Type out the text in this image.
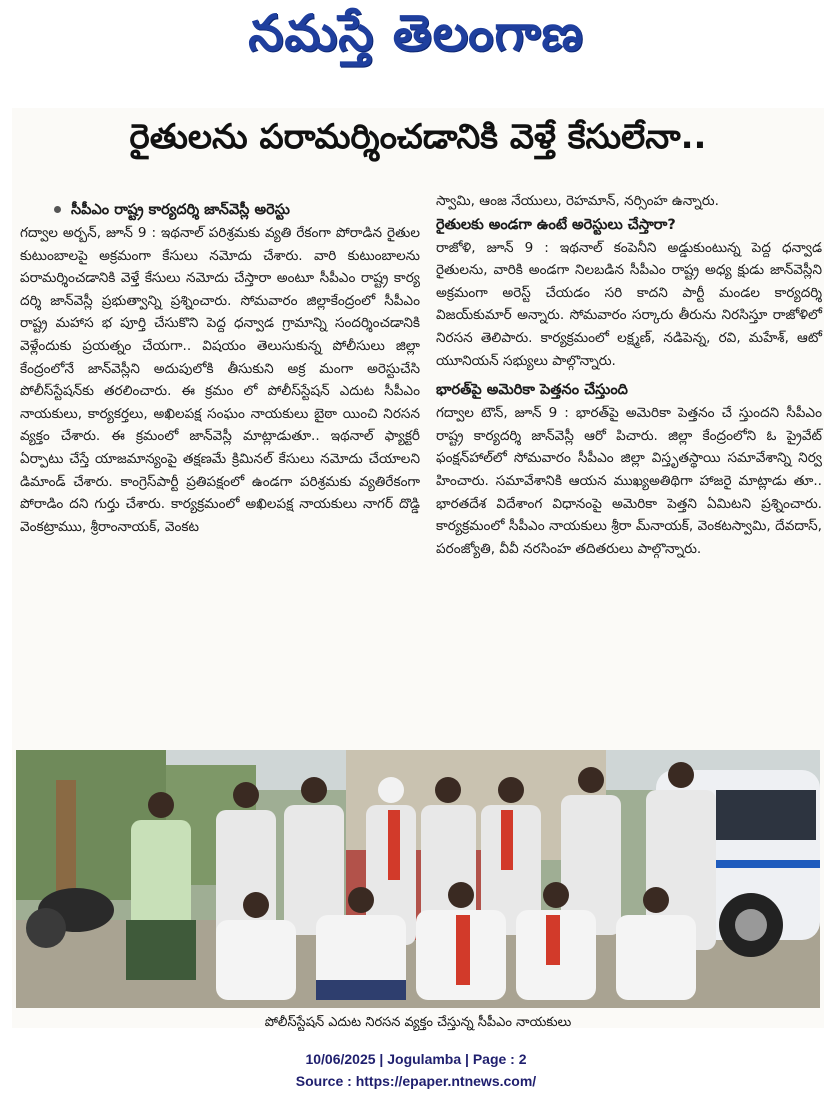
నమస్తే తెలంగాణ
రైతులను పరామర్శించడానికి వెళ్తే కేసులేనా..
సీపీఎం రాష్ట్ర కార్యదర్శి జాన్‌వెస్లీ అరెస్టు

గద్వాల అర్బన్, జూన్ 9 : ఇథనాల్ పరిశ్రమకు వ్యతి రేకంగా పోరాడిన రైతుల కుటుంబాలపై అక్రమంగా కేసులు నమోదు చేశారు. వారి కుటుంబాలను పరామర్శించడానికి వెళ్తే కేసులు నమోదు చేస్తారా అంటూ సీపీఎం రాష్ట్ర కార్య దర్శి జాన్‌వెస్లీ ప్రభుత్వాన్ని ప్రశ్నించారు. సోమవారం జిల్లాకేంద్రంలో సీపీఎం రాష్ట్ర మహాస భ పూర్తి చేసుకొని పెద్ద ధన్వాడ గ్రామాన్ని సందర్శించడానికి వెళ్లేందుకు ప్రయత్నం చేయగా.. విషయం తెలుసుకున్న పోలీసులు జిల్లా కేంద్రంలోనే జాన్‌వెస్లీని అదుపులోకి తీసుకుని అక్ర మంగా అరెస్టుచేసి పోలీస్‌స్టేషన్‌కు తరలించారు. ఈ క్రమం లో పోలీస్‌స్టేషన్ ఎదుట సీపీఎం నాయకులు, కార్యకర్తలు, అఖిలపక్ష సంఘం నాయకులు బైఠా యించి నిరసన వ్యక్తం చేశారు. ఈ క్రమంలో జాన్‌వెస్లీ మాట్లాడుతూ.. ఇథనాల్ ఫ్యాక్టరీ ఏర్పాటు చేస్తే యాజమాన్యంపై తక్షణమే క్రిమినల్ కేసులు నమోదు చేయాలని డిమాండ్ చేశారు. కాంగ్రెస్‌పార్టీ ప్రతిపక్షంలో ఉండగా పరిశ్రమకు వ్యతిరేకంగా పోరాడిం దని గుర్తు చేశారు. కార్యక్రమంలో అఖిలపక్ష నాయకులు నాగర్ దొడ్డి వెంకట్రాముు, శ్రీరాంనాయక్, వెంకట

స్వామి, ఆంజ నేయులు, రెహమాన్, నర్సింహ ఉన్నారు.

రైతులకు అండగా ఉంటే అరెస్టులు చేస్తారా?

రాజోళి, జూన్ 9 : ఇథనాల్ కంపెనీని అడ్డుకుంటున్న పెద్ద ధన్వాడ రైతులను, వారికి అండగా నిలబడిన సీపీఎం రాష్ట్ర అధ్య క్షుడు జాన్‌వెస్లీని అక్రమంగా అరెస్ట్ చేయడం సరి కాదని పార్టీ మండల కార్యదర్శి విజయ్‌కుమార్ అన్నారు. సోమవారం సర్కారు తీరును నిరసిస్తూ రాజోళిలో నిరసన తెలిపారు. కార్యక్రమంలో లక్ష్మణ్, నడిపెన్న, రవి, మహేశ్, ఆటో యూనియన్ సభ్యులు పాల్గొన్నారు.

భారత్‌పై అమెరికా పెత్తనం చేస్తుంది

గద్వాల టౌన్, జూన్ 9 : భారత్‌పై అమెరికా పెత్తనం చే స్తుందని సీపీఎం రాష్ట్ర కార్యదర్శి జాన్‌వెస్లీ ఆరో పిచారు. జిల్లా కేంద్రంలోని ఓ ప్రైవేట్ ఫంక్షన్‌హాల్‌లో సోమవారం సీపీఎం జిల్లా విస్తృతస్థాయి సమావేశాన్ని నిర్వ హించారు. సమావేశానికి ఆయన ముఖ్యఅతిథిగా హాజరై మాట్లాడు తూ.. భారతదేశ విదేశాంగ విధానంపై అమెరికా పెత్తని ఏమిటని ప్రశ్నించారు. కార్యక్రమంలో సీపీఎం నాయకులు శ్రీరా మ్‌నాయక్, వెంకటస్వామి, దేవదాస్, పరంజ్యోతి, వీవీ నరసింహ తదితరులు పాల్గొన్నారు.

పోలీస్‌స్టేషన్ ఎదుట నిరసన వ్యక్తం చేస్తున్న సీపీఎం నాయకులు
10/06/2025 | Jogulamba | Page : 2
Source : https://epaper.ntnews.com/
